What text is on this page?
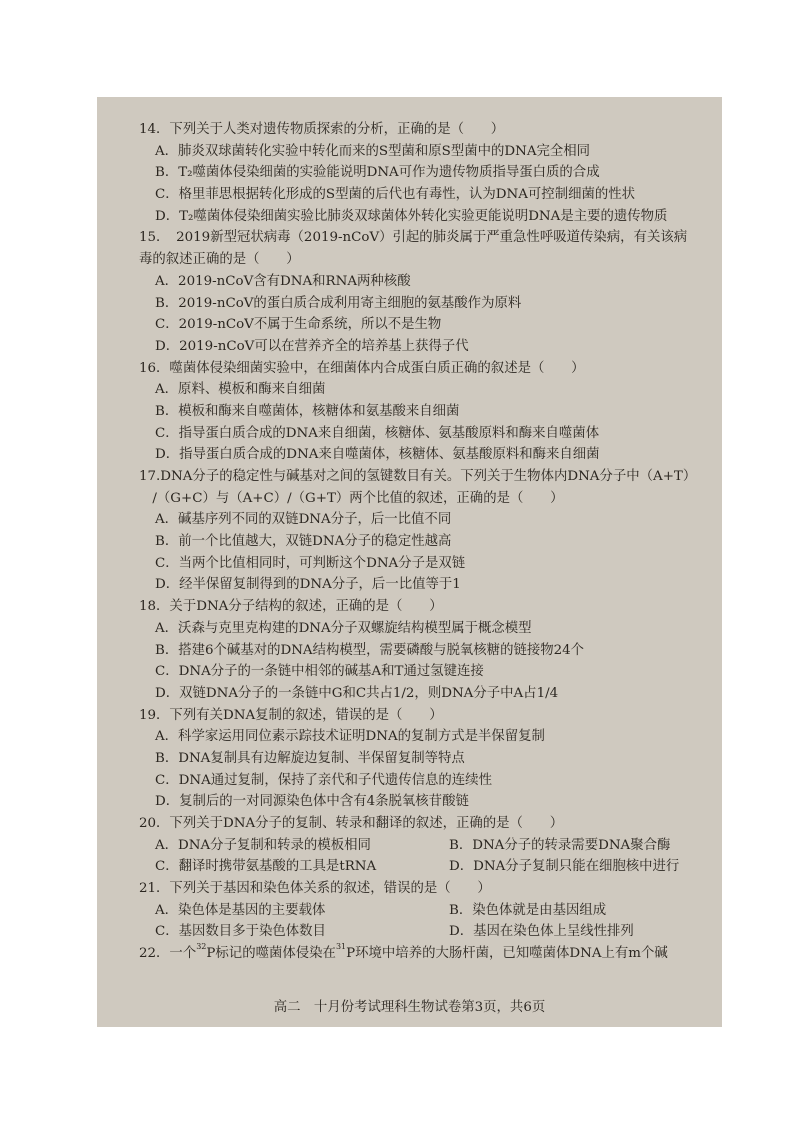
14．下列关于人类对遗传物质探索的分析，正确的是（　　）
A．肺炎双球菌转化实验中转化而来的S型菌和原S型菌中的DNA完全相同
B．T₂噬菌体侵染细菌的实验能说明DNA可作为遗传物质指导蛋白质的合成
C．格里菲思根据转化形成的S型菌的后代也有毒性，认为DNA可控制细菌的性状
D．T₂噬菌体侵染细菌实验比肺炎双球菌体外转化实验更能说明DNA是主要的遗传物质
15．　2019新型冠状病毒（2019-nCoV）引起的肺炎属于严重急性呼吸道传染病，有关该病
毒的叙述正确的是（　　）
A．2019-nCoV含有DNA和RNA两种核酸
B．2019-nCoV的蛋白质合成利用寄主细胞的氨基酸作为原料
C．2019-nCoV不属于生命系统，所以不是生物
D．2019-nCoV可以在营养齐全的培养基上获得子代
16．噬菌体侵染细菌实验中，在细菌体内合成蛋白质正确的叙述是（　　）
A．原料、模板和酶来自细菌
B．模板和酶来自噬菌体，核糖体和氨基酸来自细菌
C．指导蛋白质合成的DNA来自细菌，核糖体、氨基酸原料和酶来自噬菌体
D．指导蛋白质合成的DNA来自噬菌体，核糖体、氨基酸原料和酶来自细菌
17.DNA分子的稳定性与碱基对之间的氢键数目有关。下列关于生物体内DNA分子中（A+T）
　/（G+C）与（A+C）/（G+T）两个比值的叙述，正确的是（　　）
A．碱基序列不同的双链DNA分子，后一比值不同
B．前一个比值越大，双链DNA分子的稳定性越高
C．当两个比值相同时，可判断这个DNA分子是双链
D．经半保留复制得到的DNA分子，后一比值等于1
18．关于DNA分子结构的叙述，正确的是（　　）
A．沃森与克里克构建的DNA分子双螺旋结构模型属于概念模型
B．搭建6个碱基对的DNA结构模型，需要磷酸与脱氧核糖的链接物24个
C．DNA分子的一条链中相邻的碱基A和T通过氢键连接
D．双链DNA分子的一条链中G和C共占1/2，则DNA分子中A占1/4
19．下列有关DNA复制的叙述，错误的是（　　）
A．科学家运用同位素示踪技术证明DNA的复制方式是半保留复制
B．DNA复制具有边解旋边复制、半保留复制等特点
C．DNA通过复制，保持了亲代和子代遗传信息的连续性
D．复制后的一对同源染色体中含有4条脱氧核苷酸链
20．下列关于DNA分子的复制、转录和翻译的叙述，正确的是（　　）
A．DNA分子复制和转录的模板相同	B．DNA分子的转录需要DNA聚合酶
C．翻译时携带氨基酸的工具是tRNA	D．DNA分子复制只能在细胞核中进行
21．下列关于基因和染色体关系的叙述，错误的是（　　）
A．染色体是基因的主要载体	B．染色体就是由基因组成
C．基因数目多于染色体数目	D．基因在染色体上呈线性排列
22．一个$^{32}$P标记的噬菌体侵染在$^{31}$P环境中培养的大肠杆菌，已知噬菌体DNA上有m个碱
高二　十月份考试理科生物试卷第3页，共6页
